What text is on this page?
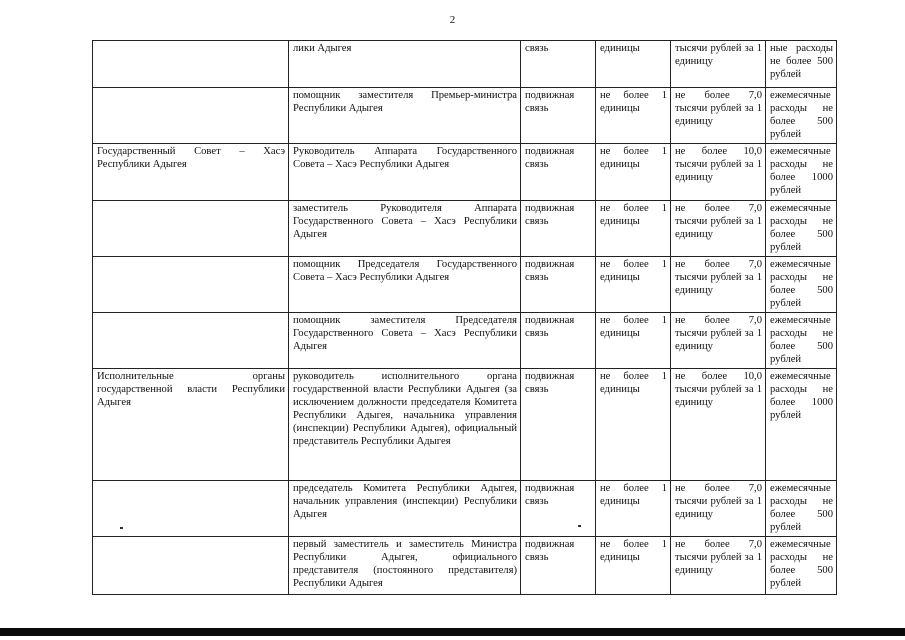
2
	лики Адыгея	связь	единицы	тысячи рублей за 1 единицу	ные расходы не более 500 рублей
	помощник заместителя Премьер-министра Республики Адыгея	подвижная связь	не более 1 единицы	не более 7,0 тысячи рублей за 1 единицу	ежемесячные расходы не более 500 рублей
Государственный Совет – Хасэ Республики Адыгея	Руководитель Аппарата Государственного Совета – Хасэ Республики Адыгея	подвижная связь	не более 1 единицы	не более 10,0 тысячи рублей за 1 единицу	ежемесячные расходы не более 1000 рублей
	заместитель Руководителя Аппарата Государственного Совета – Хасэ Республики Адыгея	подвижная связь	не более 1 единицы	не более 7,0 тысячи рублей за 1 единицу	ежемесячные расходы не более 500 рублей
	помощник Председателя Государственного Совета – Хасэ Республики Адыгея	подвижная связь	не более 1 единицы	не более 7,0 тысячи рублей за 1 единицу	ежемесячные расходы не более 500 рублей
	помощник заместителя Председателя Государственного Совета – Хасэ Республики Адыгея	подвижная связь	не более 1 единицы	не более 7,0 тысячи рублей за 1 единицу	ежемесячные расходы не более 500 рублей
Исполнительные органы государственной власти Республики Адыгея	руководитель исполнительного органа государственной власти Республики Адыгея (за исключением должности председателя Комитета Республики Адыгея, начальника управления (инспекции) Республики Адыгея), официальный представитель Республики Адыгея	подвижная связь	не более 1 единицы	не более 10,0 тысячи рублей за 1 единицу	ежемесячные расходы не более 1000 рублей
	председатель Комитета Республики Адыгея, начальник управления (инспекции) Республики Адыгея	подвижная связь	не более 1 единицы	не более 7,0 тысячи рублей за 1 единицу	ежемесячные расходы не более 500 рублей
	первый заместитель и заместитель Министра Республики Адыгея, официального представителя (постоянного представителя) Республики Адыгея	подвижная связь	не более 1 единицы	не более 7,0 тысячи рублей за 1 единицу	ежемесячные расходы не более 500 рублей
